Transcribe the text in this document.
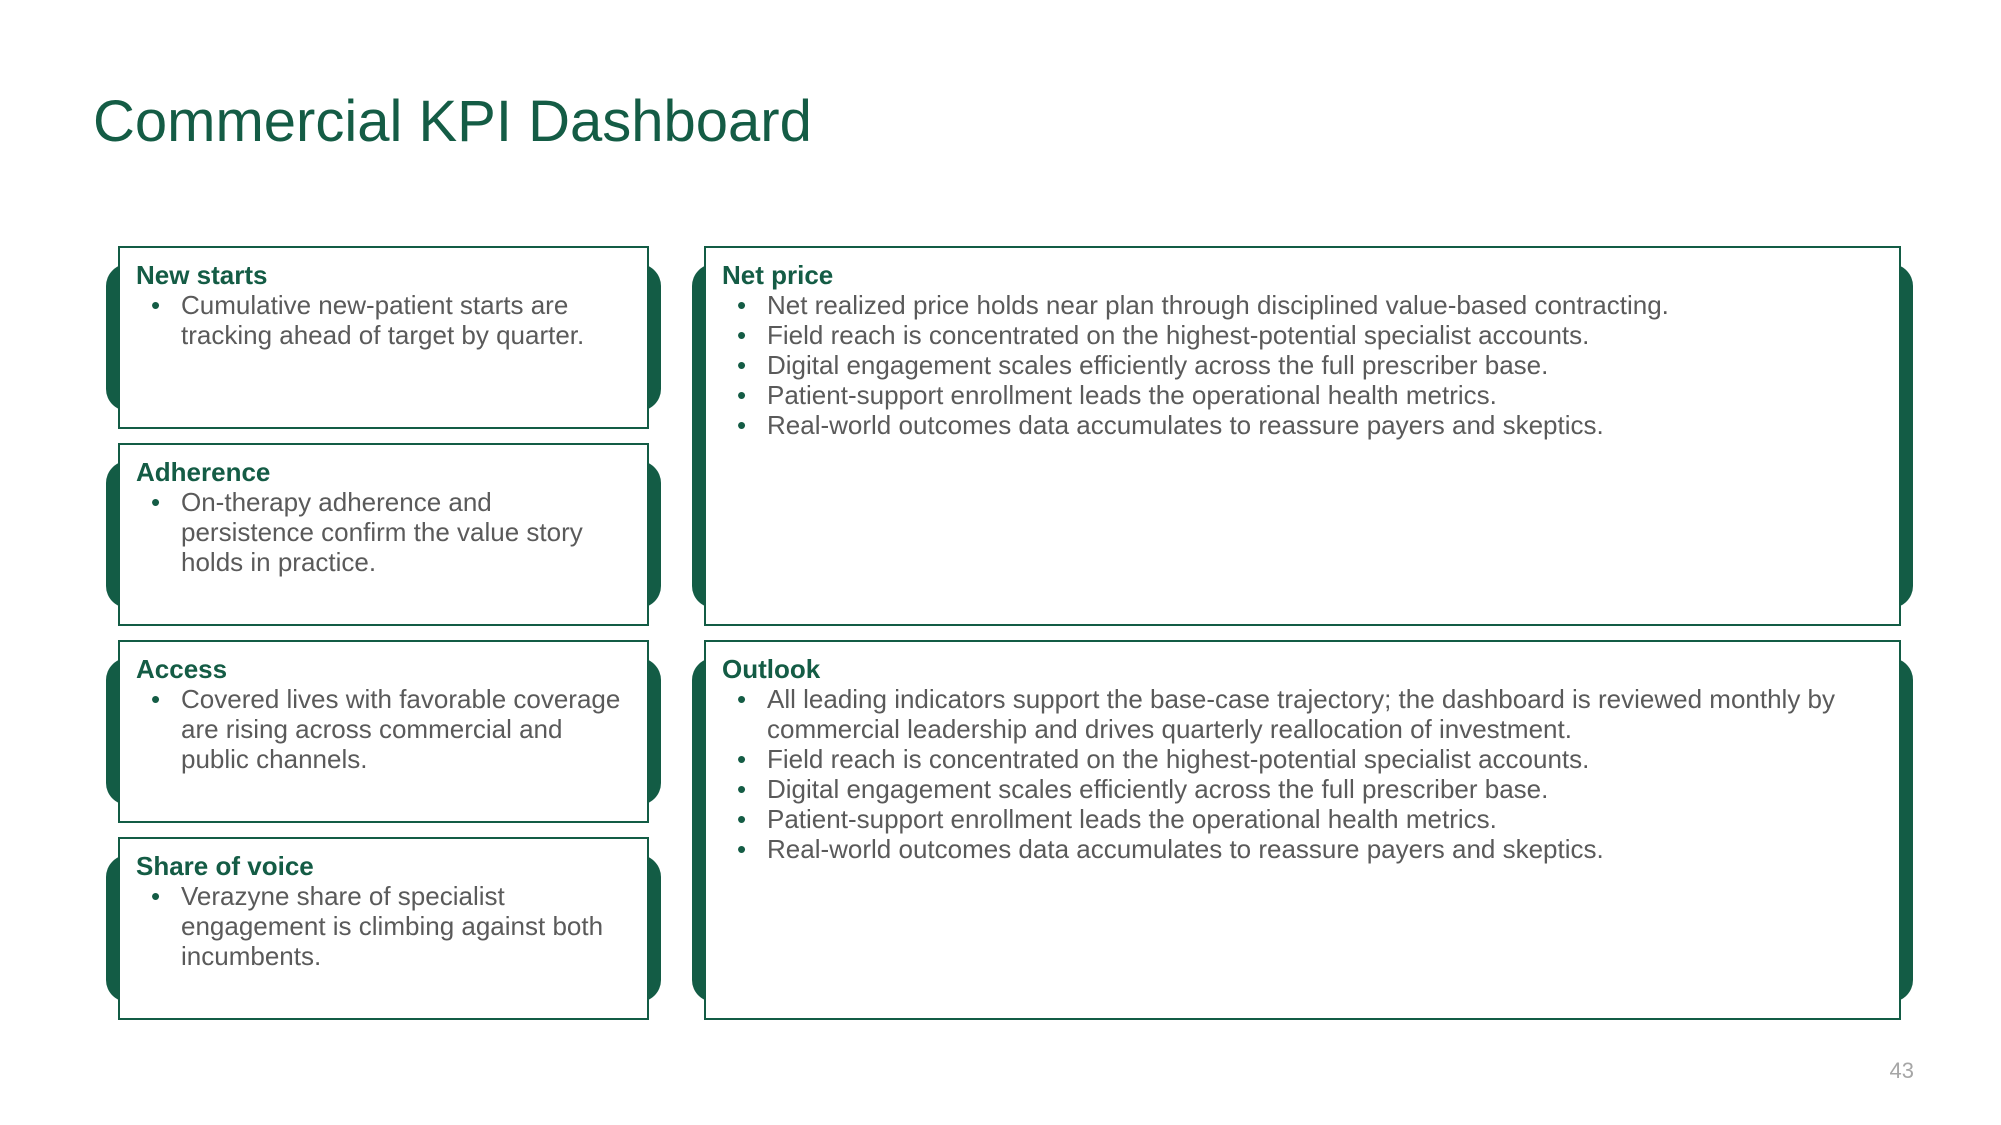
Commercial KPI Dashboard
New starts
• Cumulative new-patient starts are tracking ahead of target by quarter.
Adherence
• On-therapy adherence and persistence confirm the value story holds in practice.
Access
• Covered lives with favorable coverage are rising across commercial and public channels.
Share of voice
• Verazyne share of specialist engagement is climbing against both incumbents.
Net price
• Net realized price holds near plan through disciplined value-based contracting.
• Field reach is concentrated on the highest-potential specialist accounts.
• Digital engagement scales efficiently across the full prescriber base.
• Patient-support enrollment leads the operational health metrics.
• Real-world outcomes data accumulates to reassure payers and skeptics.
Outlook
• All leading indicators support the base-case trajectory; the dashboard is reviewed monthly by commercial leadership and drives quarterly reallocation of investment.
• Field reach is concentrated on the highest-potential specialist accounts.
• Digital engagement scales efficiently across the full prescriber base.
• Patient-support enrollment leads the operational health metrics.
• Real-world outcomes data accumulates to reassure payers and skeptics.
43
